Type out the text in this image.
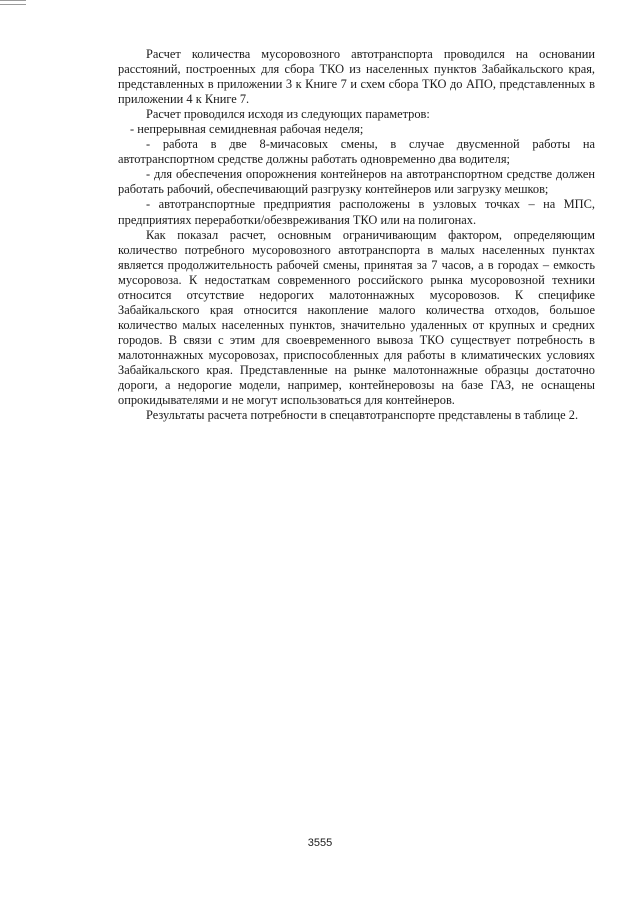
Расчет количества мусоровозного автотранспорта проводился на основании расстояний, построенных для сбора ТКО из населенных пунктов Забайкальского края, представленных в приложении 3 к Книге 7 и схем сбора ТКО до АПО, представленных в приложении 4 к Книге 7.

Расчет проводился исходя из следующих параметров:

- непрерывная семидневная рабочая неделя;

- работа в две 8-мичасовых смены, в случае двусменной работы на автотранспортном средстве должны работать одновременно два водителя;

- для обеспечения опорожнения контейнеров на автотранспортном средстве должен работать рабочий, обеспечивающий разгрузку контейнеров или загрузку мешков;

- автотранспортные предприятия расположены в узловых точках – на МПС, предприятиях переработки/обезвреживания ТКО или на полигонах.

Как показал расчет, основным ограничивающим фактором, определяющим количество потребного мусоровозного автотранспорта в малых населенных пунктах является продолжительность рабочей смены, принятая за 7 часов, а в городах – емкость мусоровоза. К недостаткам современного российского рынка мусоровозной техники относится отсутствие недорогих малотоннажных мусоровозов. К специфике Забайкальского края относится накопление малого количества отходов, большое количество малых населенных пунктов, значительно удаленных от крупных и средних городов. В связи с этим для своевременного вывоза ТКО существует потребность в малотоннажных мусоровозах, приспособленных для работы в климатических условиях Забайкальского края. Представленные на рынке малотоннажные образцы достаточно дороги, а недорогие модели, например, контейнеровозы на базе ГАЗ, не оснащены опрокидывателями и не могут использоваться для контейнеров.

Результаты расчета потребности в спецавтотранспорте представлены в таблице 2.

3555
